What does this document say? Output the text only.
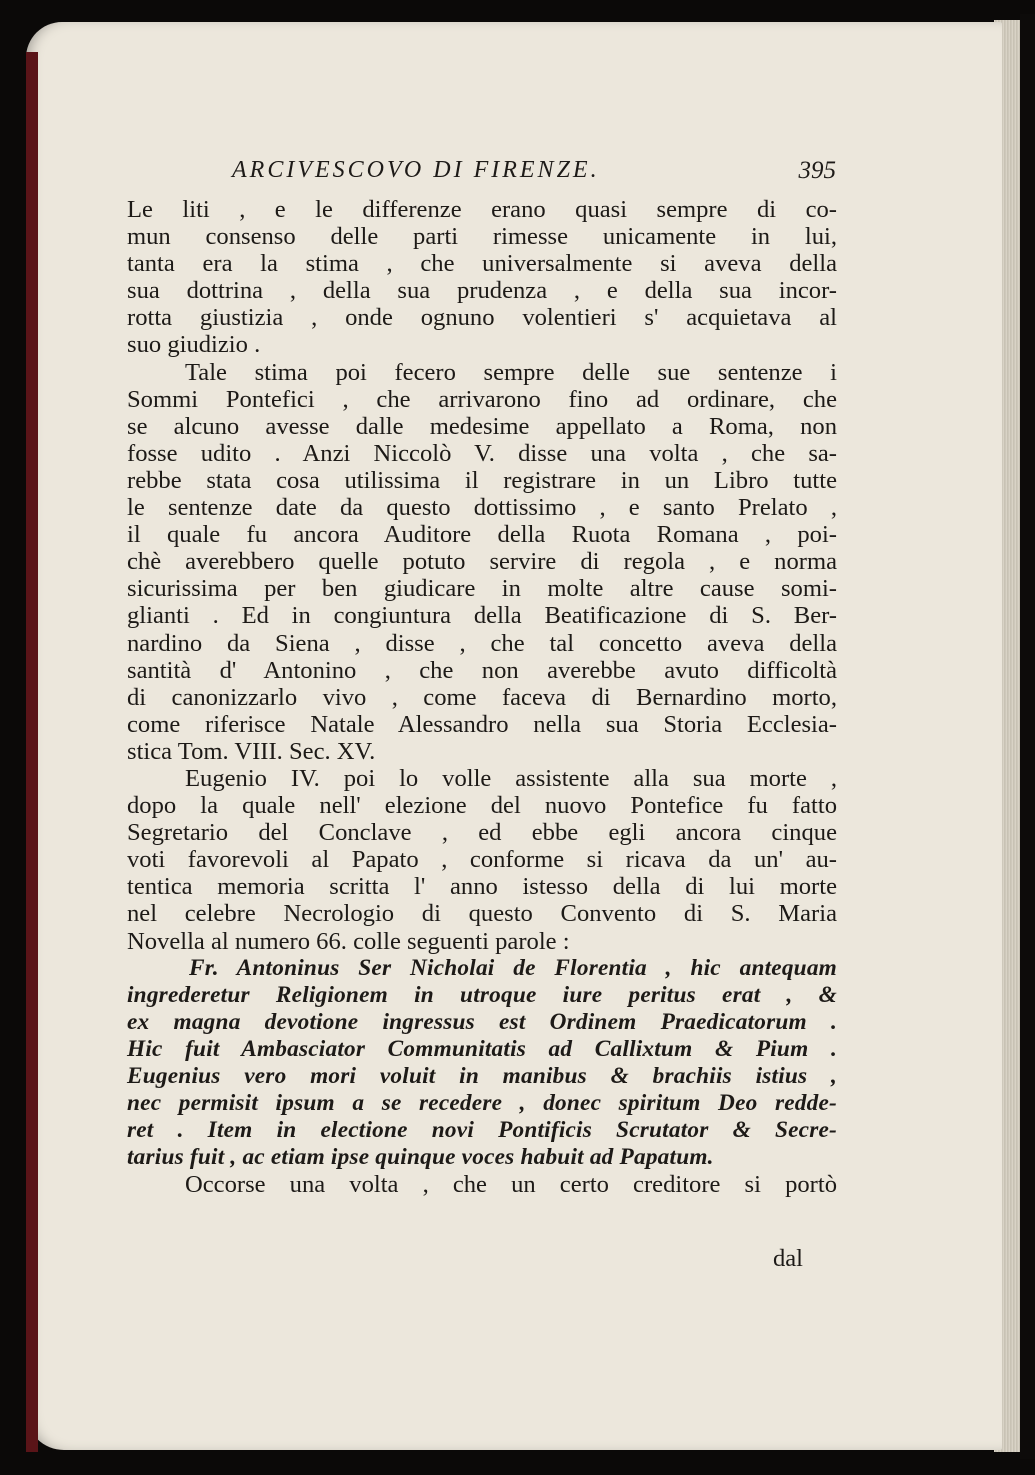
ARCIVESCOVO DI FIRENZE.	395
Le liti , e le differenze erano quasi sempre di co-
mun consenso delle parti rimesse unicamente in lui,
tanta era la stima , che universalmente si aveva della
sua dottrina , della sua prudenza , e della sua incor-
rotta giustizia , onde ognuno volentieri s' acquietava al
suo giudizio .
Tale stima poi fecero sempre delle sue sentenze i
Sommi Pontefici , che arrivarono fino ad ordinare, che
se alcuno avesse dalle medesime appellato a Roma, non
fosse udito . Anzi Niccolò V. disse una volta , che sa-
rebbe stata cosa utilissima il registrare in un Libro tutte
le sentenze date da questo dottissimo , e santo Prelato ,
il quale fu ancora Auditore della Ruota Romana , poi-
chè averebbero quelle potuto servire di regola , e norma
sicurissima per ben giudicare in molte altre cause somi-
glianti . Ed in congiuntura della Beatificazione di S. Ber-
nardino da Siena , disse , che tal concetto aveva della
santità d' Antonino , che non averebbe avuto difficoltà
di canonizzarlo vivo , come faceva di Bernardino morto,
come riferisce Natale Alessandro nella sua Storia Ecclesia-
stica Tom. VIII. Sec. XV.
Eugenio IV. poi lo volle assistente alla sua morte ,
dopo la quale nell' elezione del nuovo Pontefice fu fatto
Segretario del Conclave , ed ebbe egli ancora cinque
voti favorevoli al Papato , conforme si ricava da un' au-
tentica memoria scritta l' anno istesso della di lui morte
nel celebre Necrologio di questo Convento di S. Maria
Novella al numero 66. colle seguenti parole :
Fr. Antoninus Ser Nicholai de Florentia , hic antequam
ingrederetur Religionem in utroque iure peritus erat , &
ex magna devotione ingressus est Ordinem Praedicatorum .
Hic fuit Ambasciator Communitatis ad Callixtum & Pium .
Eugenius vero mori voluit in manibus & brachiis istius ,
nec permisit ipsum a se recedere , donec spiritum Deo redde-
ret . Item in electione novi Pontificis Scrutator & Secre-
tarius fuit , ac etiam ipse quinque voces habuit ad Papatum.
Occorse una volta , che un certo creditore si portò
dal
